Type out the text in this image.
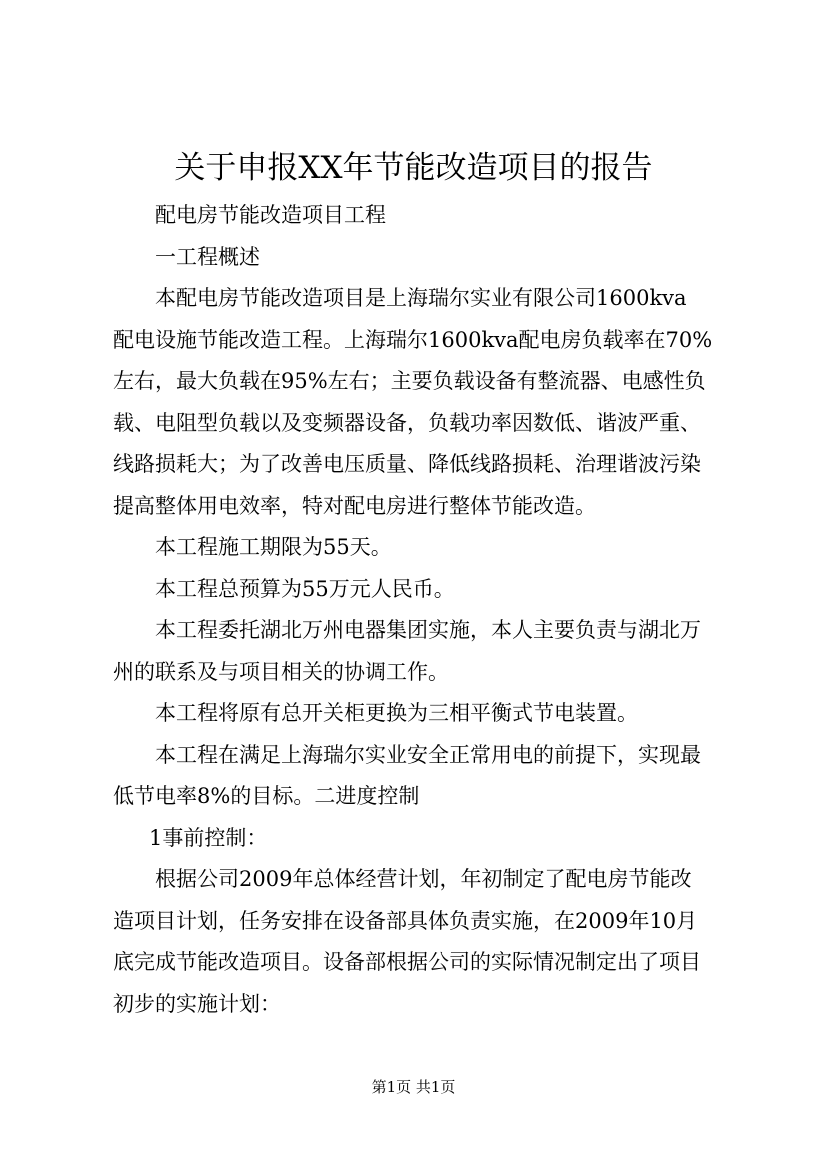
关于申报XX年节能改造项目的报告
配电房节能改造项目工程
一工程概述
本配电房节能改造项目是上海瑞尔实业有限公司1600kva
配电设施节能改造工程。上海瑞尔1600kva配电房负载率在70%
左右，最大负载在95%左右；主要负载设备有整流器、电感性负
载、电阻型负载以及变频器设备，负载功率因数低、谐波严重、
线路损耗大；为了改善电压质量、降低线路损耗、治理谐波污染
提高整体用电效率，特对配电房进行整体节能改造。
本工程施工期限为55天。
本工程总预算为55万元人民币。
本工程委托湖北万州电器集团实施，本人主要负责与湖北万
州的联系及与项目相关的协调工作。
本工程将原有总开关柜更换为三相平衡式节电装置。
本工程在满足上海瑞尔实业安全正常用电的前提下，实现最
低节电率8%的目标。二进度控制
1事前控制：
根据公司2009年总体经营计划，年初制定了配电房节能改
造项目计划，任务安排在设备部具体负责实施，在2009年10月
底完成节能改造项目。设备部根据公司的实际情况制定出了项目
初步的实施计划：
第1页 共1页
